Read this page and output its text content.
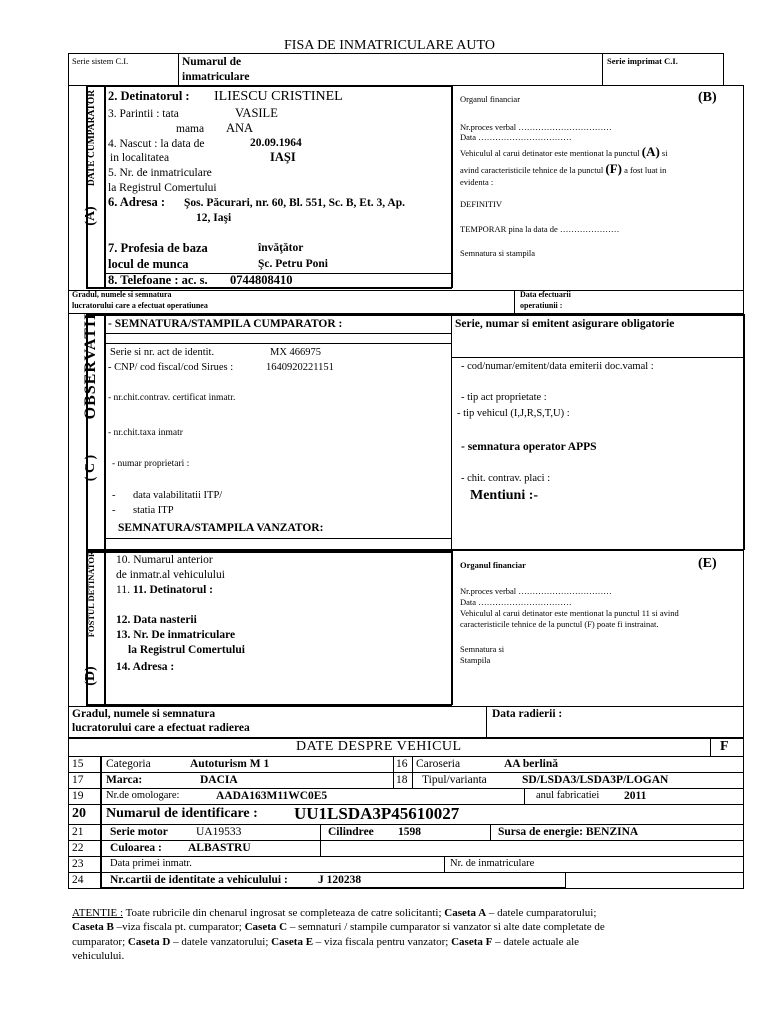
FISA DE INMATRICULARE AUTO
Serie sistem C.I.	Numarul de
inmatriculare
Serie imprimat C.I.
DATE CUMPARATOR
(A)
2. Detinatorul : ILIESCU CRISTINEL
3. Parintii : tata	VASILE
mama ANA
4. Nascut : la data de	20.09.1964
in localitatea	IAŞI
5. Nr. de inmatriculare
la Registrul Comertului
6. Adresa : Şos. Păcurari, nr. 60, Bl. 551, Sc. B, Et. 3, Ap.
12, Iaşi
7. Profesia de baza	învăţător
locul de munca	Şc. Petru Poni
8. Telefoane : ac. s. 0744808410
Organul financiar	(B)
Nr.proces verbal ……………………………
Data ……………………………
Vehiculul al carui detinator este mentionat la punctul (A) si
avind caracteristicile tehnice de la punctul (F) a fost luat in
evidenta :
DEFINITIV
TEMPORAR pina la data de …………………
Semnatura si stampila
Gradul, numele si semnatura
lucratorului care a efectuat operatiunea
Data efectuarii
operatiunii :
OBSERVATII
( C )
- SEMNATURA/STAMPILA CUMPARATOR :	Serie, numar si emitent asigurare obligatorie
Serie si nr. act de identit.	MX 466975
- CNP/ cod fiscal/cod Sirues :	1640920221151
- nr.chit.contrav. certificat inmatr.
- nr.chit.taxa inmatr
- numar proprietari :
- data valabilitatii ITP/
- statia ITP
SEMNATURA/STAMPILA VANZATOR:
- cod/numar/emitent/data emiterii doc.vamal :
- tip act proprietate :
- tip vehicul (I,J,R,S,T,U) :
- semnatura operator APPS
- chit. contrav. placi :
Mentiuni :-
FOSTUL DETINATOR
(D)
10. Numarul anterior
de inmatr.al vehiculului
11. 11. Detinatorul :
12. Data nasterii
13. Nr. De inmatriculare
la Registrul Comertului
14. Adresa :
Organul financiar	(E)
Nr.proces verbal ……………………………
Data ……………………………
Vehiculul al carui detinator este mentionat la punctul 11 si avind
caracteristicile tehnice de la punctul (F) poate fi instrainat.
Semnatura si
Stampila
Gradul, numele si semnatura
lucratorului care a efectuat radierea
Data radierii :
DATE DESPRE VEHICUL	F
15 Categoria	Autoturism M 1	16 Caroseria	AA berlină
17 Marca:	DACIA	18 Tipul/varianta	SD/LSDA3/LSDA3P/LOGAN
19 Nr.de omologare:	AADA163M11WC0E5	anul fabricatiei 2011
20 Numarul de identificare : UU1LSDA3P45610027
21 Serie motor UA19533	Cilindree 1598	Sursa de energie: BENZINA
22 Culoarea : ALBASTRU
23	Data primei inmatr.	Nr. de inmatriculare
24 Nr.cartii de identitate a vehiculului :	J 120238
ATENTIE : Toate rubricile din chenarul ingrosat se completeaza de catre solicitanti; Caseta A – datele cumparatorului;
Caseta B –viza fiscala pt. cumparator; Caseta C – semnaturi / stampile cumparator si vanzator si alte date completate de
cumparator; Caseta D – datele vanzatorului; Caseta E – viza fiscala pentru vanzator; Caseta F – datele actuale ale
vehiculului.
